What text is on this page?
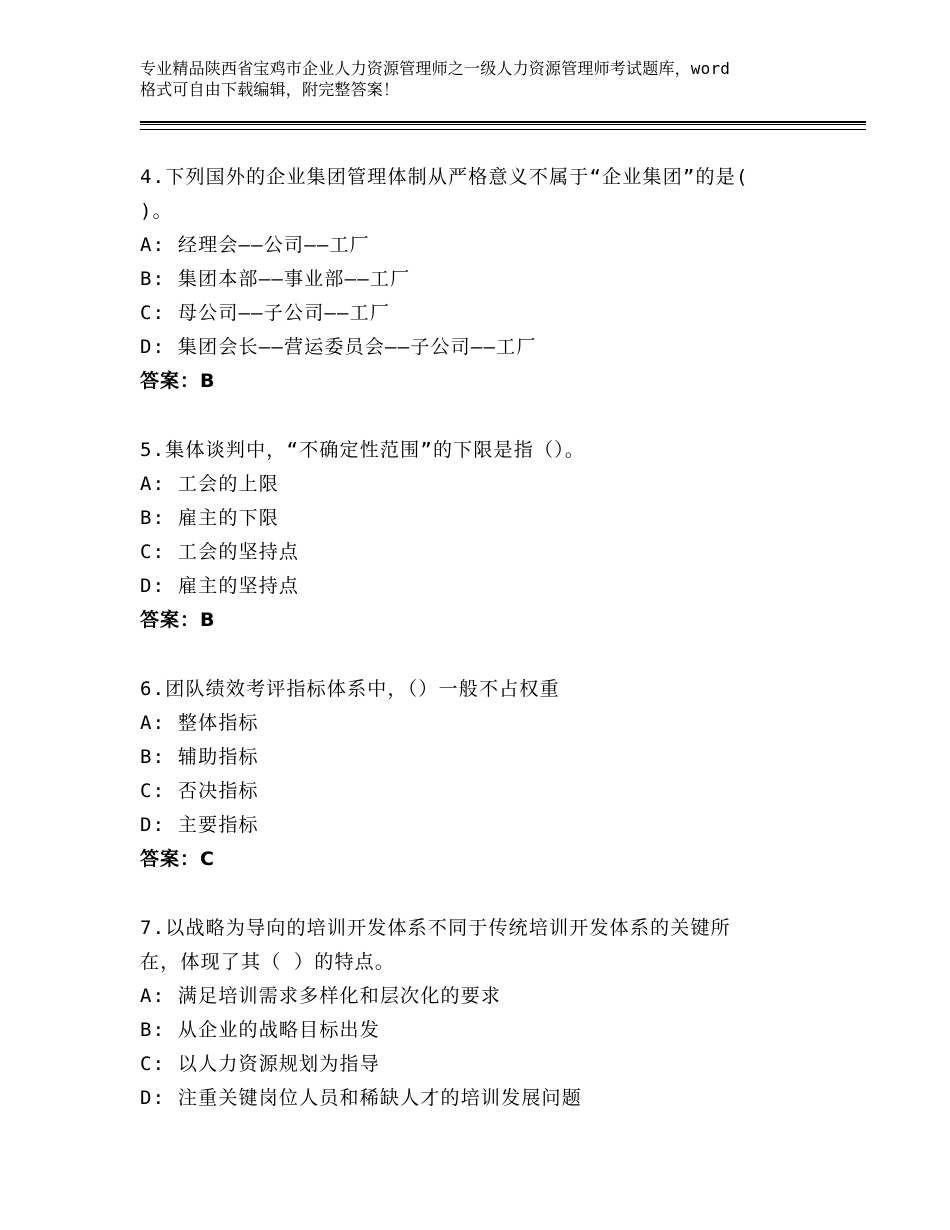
专业精品陕西省宝鸡市企业人力资源管理师之一级人力资源管理师考试题库，word
格式可自由下载编辑，附完整答案！
4.下列国外的企业集团管理体制从严格意义不属于“企业集团”的是(
)。
A: 经理会——公司——工厂
B: 集团本部——事业部——工厂
C: 母公司——子公司——工厂
D: 集团会长——营运委员会——子公司——工厂
答案：B
5.集体谈判中，“不确定性范围”的下限是指（）。
A: 工会的上限
B: 雇主的下限
C: 工会的坚持点
D: 雇主的坚持点
答案：B
6.团队绩效考评指标体系中，（）一般不占权重
A: 整体指标
B: 辅助指标
C: 否决指标
D: 主要指标
答案：C
7.以战略为导向的培训开发体系不同于传统培训开发体系的关键所
在，体现了其（ ）的特点。
A: 满足培训需求多样化和层次化的要求
B: 从企业的战略目标出发
C: 以人力资源规划为指导
D: 注重关键岗位人员和稀缺人才的培训发展问题
